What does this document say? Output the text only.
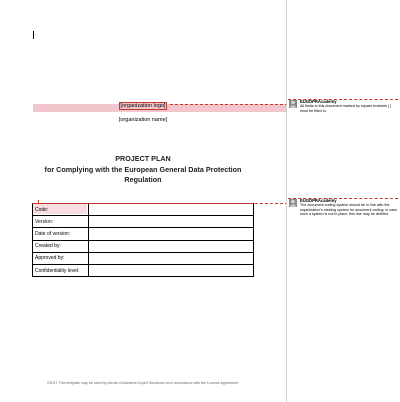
[organization logo]
[organization name]
PROJECT PLAN
for Complying with the European General Data Protection
Regulation
Code:	
Version:	
Date of version:	
Created by:	
Approved by:	
Confidentiality level:	
©2017 This template may be used by clients of Advisera Expert Solutions Ltd in accordance with the License Agreement.
EUGDPRAcademy
All fields in this document marked by square brackets [ ] must be filled in.
EUGDPRAcademy
The document coding system should be in line with the organization's existing system for document coding; in case such a system is not in place, this line may be deleted.
